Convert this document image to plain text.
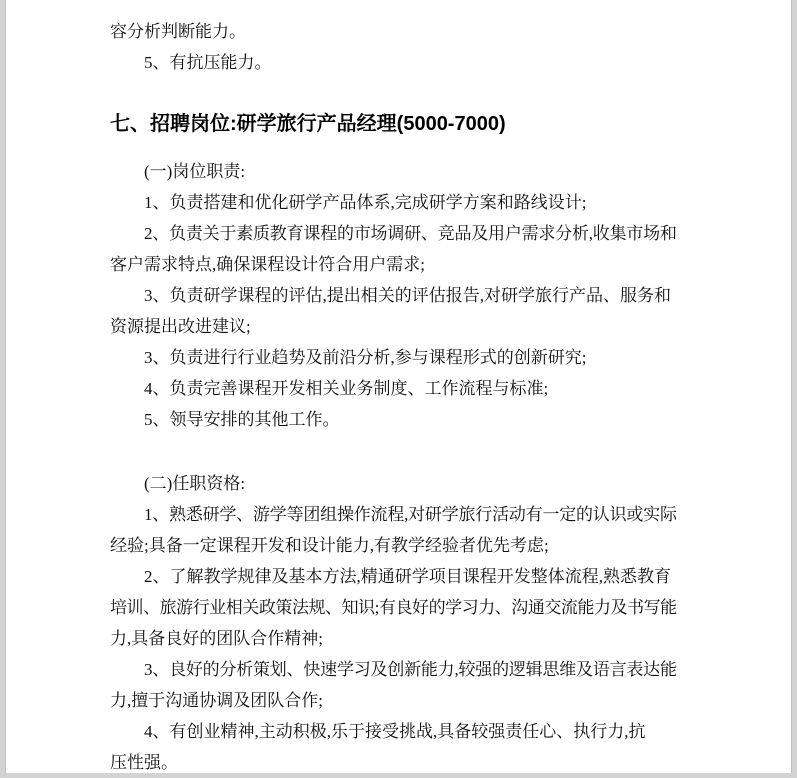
容分析判断能力。
5、有抗压能力。
七、招聘岗位:研学旅行产品经理(5000-7000)
(一)岗位职责:
1、负责搭建和优化研学产品体系,完成研学方案和路线设计;
2、负责关于素质教育课程的市场调研、竞品及用户需求分析,收集市场和
客户需求特点,确保课程设计符合用户需求;
3、负责研学课程的评估,提出相关的评估报告,对研学旅行产品、服务和
资源提出改进建议;
3、负责进行行业趋势及前沿分析,参与课程形式的创新研究;
4、负责完善课程开发相关业务制度、工作流程与标准;
5、领导安排的其他工作。
(二)任职资格:
1、熟悉研学、游学等团组操作流程,对研学旅行活动有一定的认识或实际
经验;具备一定课程开发和设计能力,有教学经验者优先考虑;
2、了解教学规律及基本方法,精通研学项目课程开发整体流程,熟悉教育
培训、旅游行业相关政策法规、知识;有良好的学习力、沟通交流能力及书写能
力,具备良好的团队合作精神;
3、良好的分析策划、快速学习及创新能力,较强的逻辑思维及语言表达能
力,擅于沟通协调及团队合作;
4、有创业精神,主动积极,乐于接受挑战,具备较强责任心、执行力,抗
压性强。
